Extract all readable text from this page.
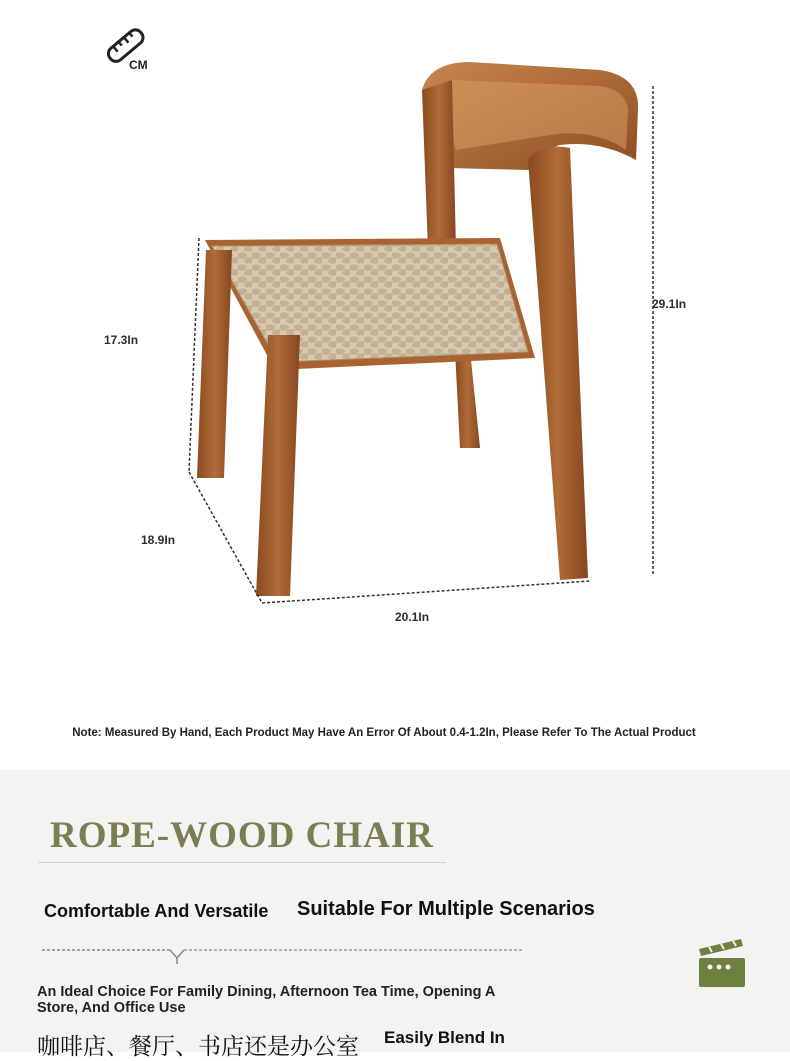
CM
29.1In
17.3In
18.9In
20.1In
Note: Measured By Hand, Each Product May Have An Error Of About 0.4-1.2In, Please Refer To The Actual Product
ROPE-WOOD CHAIR
Comfortable And Versatile Suitable For Multiple Scenarios
An Ideal Choice For Family Dining, Afternoon Tea Time, Opening A Store, And Office Use
咖啡店、餐厅、书店还是办公室 Easily Blend In
